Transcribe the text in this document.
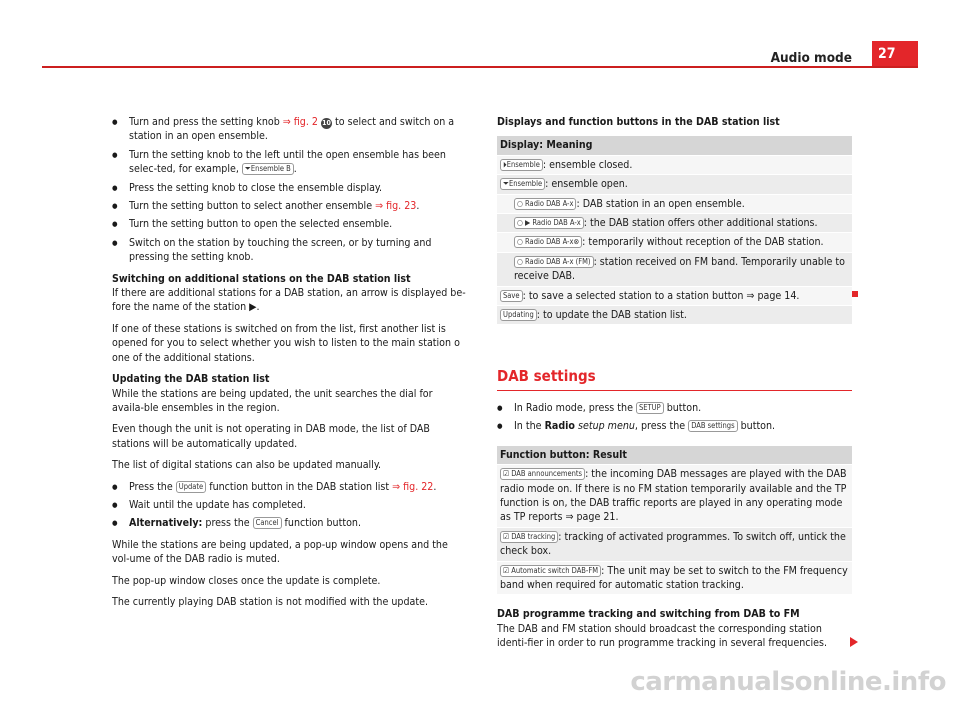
27
Audio mode
● Turn and press the setting knob ⇒ fig. 2 10 to select and switch on a station in an open ensemble.
● Turn the setting knob to the left until the open ensemble has been selec-ted, for example, ⏷Ensemble B .
● Press the setting knob to close the ensemble display.
● Turn the setting button to select another ensemble ⇒ fig. 23.
● Turn the setting button to open the selected ensemble.
● Switch on the station by touching the screen, or by turning and pressing the setting knob.
Switching on additional stations on the DAB station list

If there are additional stations for a DAB station, an arrow is displayed be-fore the name of the station ▶.

If one of these stations is switched on from the list, first another list is opened for you to select whether you wish to listen to the main station o one of the additional stations.

Updating the DAB station list

While the stations are being updated, the unit searches the dial for availa-ble ensembles in the region.

Even though the unit is not operating in DAB mode, the list of DAB stations will be automatically updated.

The list of digital stations can also be updated manually.

● Press the Update function button in the DAB station list ⇒ fig. 22.
● Wait until the update has completed.
● Alternatively: press the Cancel function button.

While the stations are being updated, a pop-up window opens and the vol-ume of the DAB radio is muted.

The pop-up window closes once the update is complete.

The currently playing DAB station is not modified with the update.

Displays and function buttons in the DAB station list
Display: Meaning
⏵Ensemble : ensemble closed.
⏷Ensemble : ensemble open.
○ Radio DAB A-x : DAB station in an open ensemble.
○ ▶ Radio DAB A-x : the DAB station offers other additional stations.
○ Radio DAB A-x⊗ : temporarily without reception of the DAB station.
○ Radio DAB A-x (FM) : station received on FM band. Temporarily unable to receive DAB.
Save : to save a selected station to a station button ⇒ page 14.
Updating : to update the DAB station list.
DAB settings
● In Radio mode, press the SETUP button.
● In the Radio setup menu, press the DAB settings button.
Function button: Result
☑ DAB announcements : the incoming DAB messages are played with the DAB radio mode on. If there is no FM station temporarily available and the TP function is on, the DAB traffic reports are played in any operating mode as TP reports ⇒ page 21.
☑ DAB tracking : tracking of activated programmes. To switch off, untick the check box.
☑ Automatic switch DAB-FM : The unit may be set to switch to the FM frequency band when required for automatic station tracking.
DAB programme tracking and switching from DAB to FM

The DAB and FM station should broadcast the corresponding station identi-fier in order to run programme tracking in several frequencies.

carmanualsonline.info
